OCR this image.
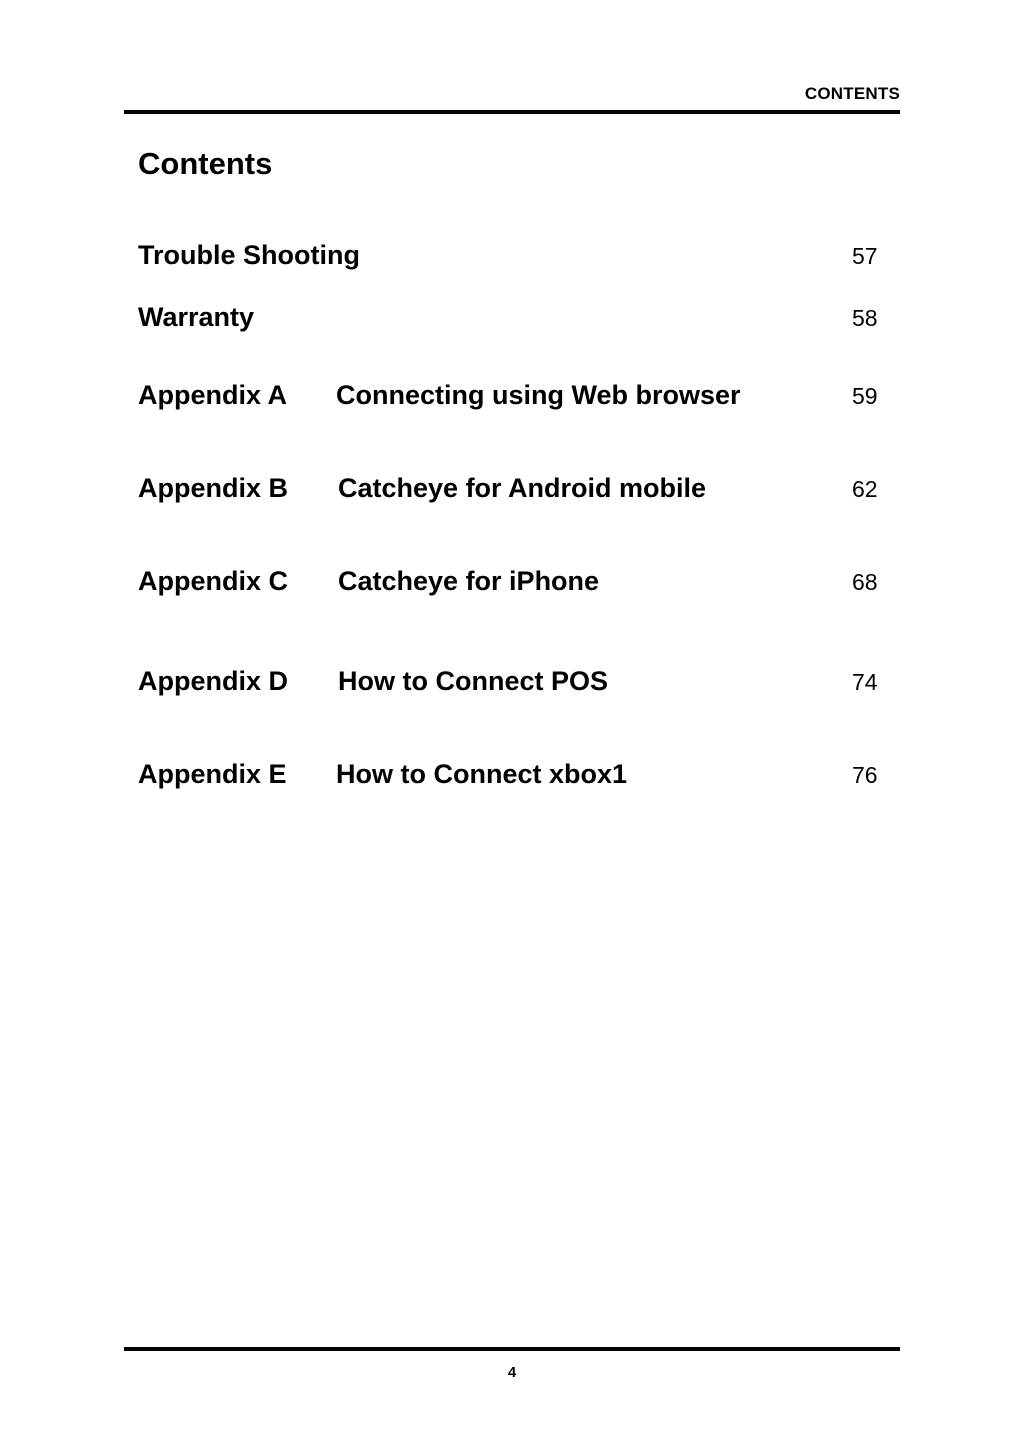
CONTENTS
Contents
Trouble Shooting	57
Warranty	58
Appendix A Connecting using Web browser	59
Appendix B Catcheye for Android mobile	62
Appendix C Catcheye for iPhone	68
Appendix D How to Connect POS	74
Appendix E How to Connect xbox1	76
4
